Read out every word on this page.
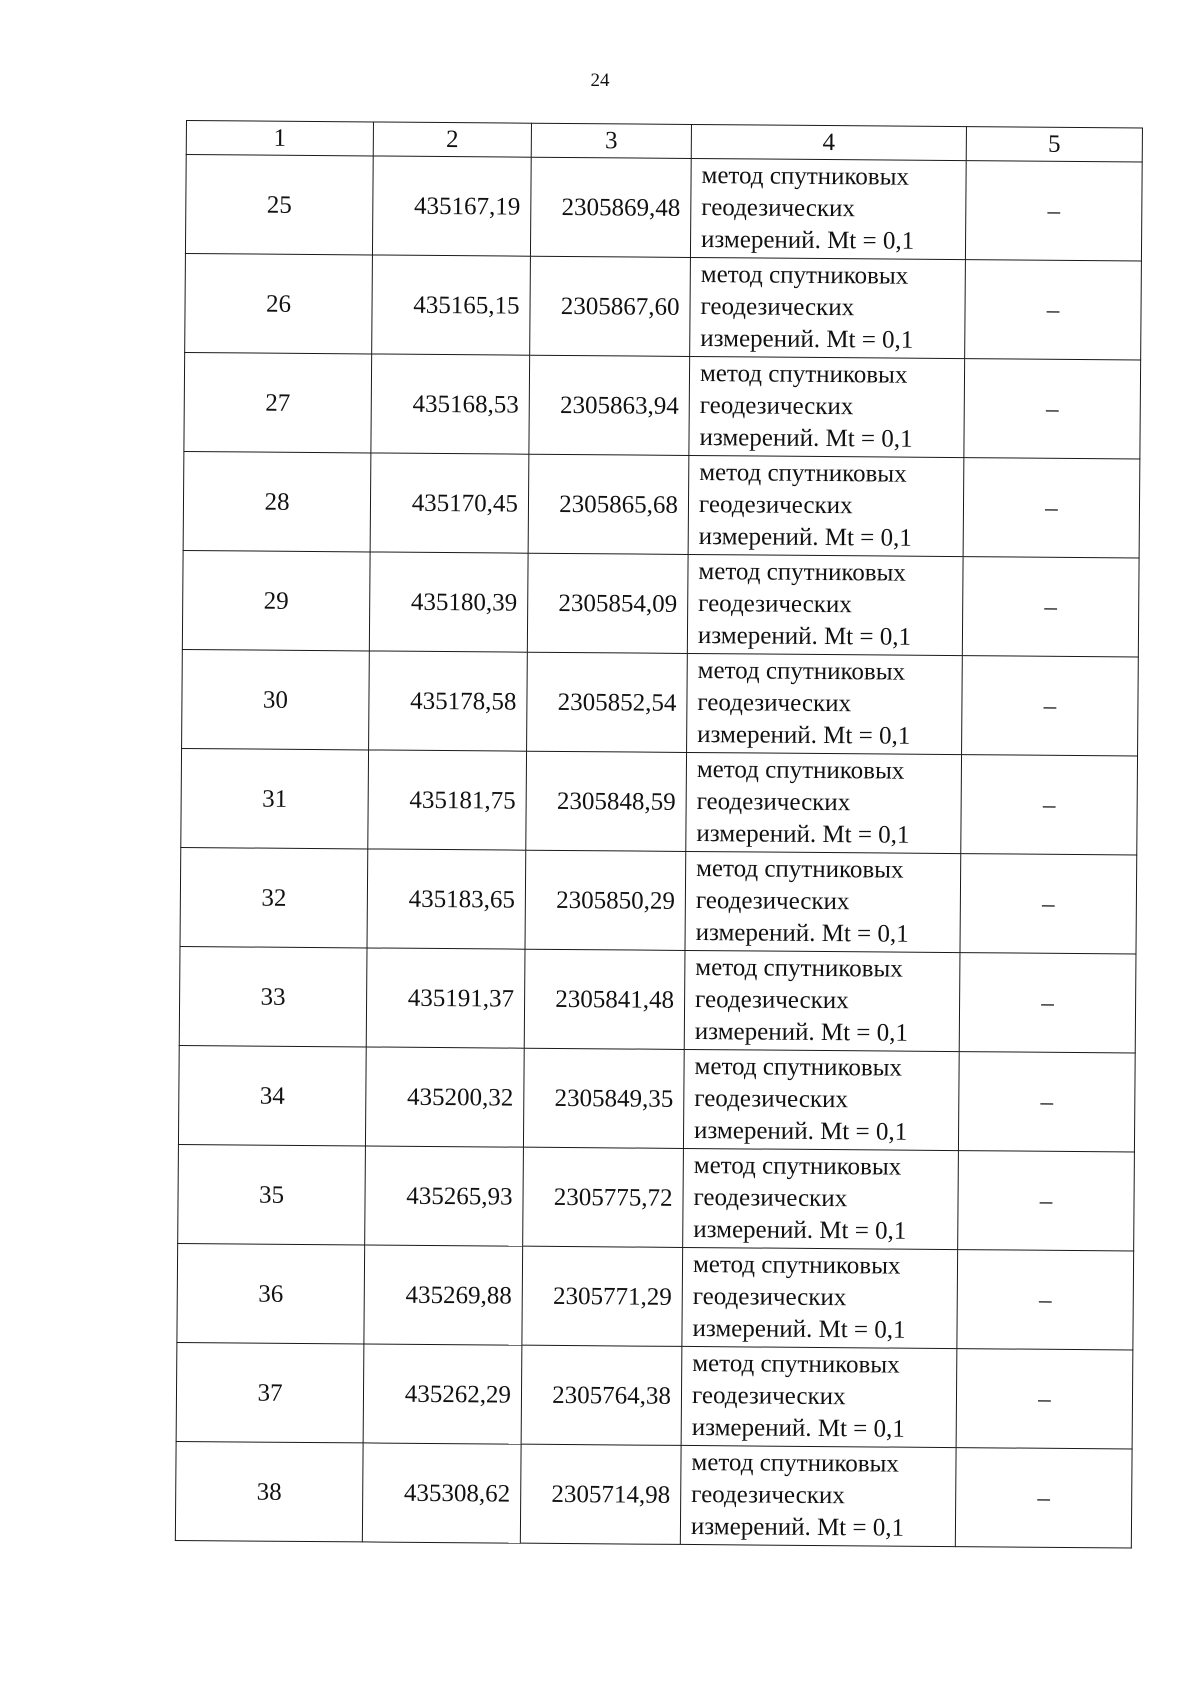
24
1	2	3	4	5
25	435167,19	2305869,48	метод спутниковых
геодезических
измерений. Mt = 0,1	–
26	435165,15	2305867,60	метод спутниковых
геодезических
измерений. Mt = 0,1	–
27	435168,53	2305863,94	метод спутниковых
геодезических
измерений. Mt = 0,1	–
28	435170,45	2305865,68	метод спутниковых
геодезических
измерений. Mt = 0,1	–
29	435180,39	2305854,09	метод спутниковых
геодезических
измерений. Mt = 0,1	–
30	435178,58	2305852,54	метод спутниковых
геодезических
измерений. Mt = 0,1	–
31	435181,75	2305848,59	метод спутниковых
геодезических
измерений. Mt = 0,1	–
32	435183,65	2305850,29	метод спутниковых
геодезических
измерений. Mt = 0,1	–
33	435191,37	2305841,48	метод спутниковых
геодезических
измерений. Mt = 0,1	–
34	435200,32	2305849,35	метод спутниковых
геодезических
измерений. Mt = 0,1	–
35	435265,93	2305775,72	метод спутниковых
геодезических
измерений. Mt = 0,1	–
36	435269,88	2305771,29	метод спутниковых
геодезических
измерений. Mt = 0,1	–
37	435262,29	2305764,38	метод спутниковых
геодезических
измерений. Mt = 0,1	–
38	435308,62	2305714,98	метод спутниковых
геодезических
измерений. Mt = 0,1	–
